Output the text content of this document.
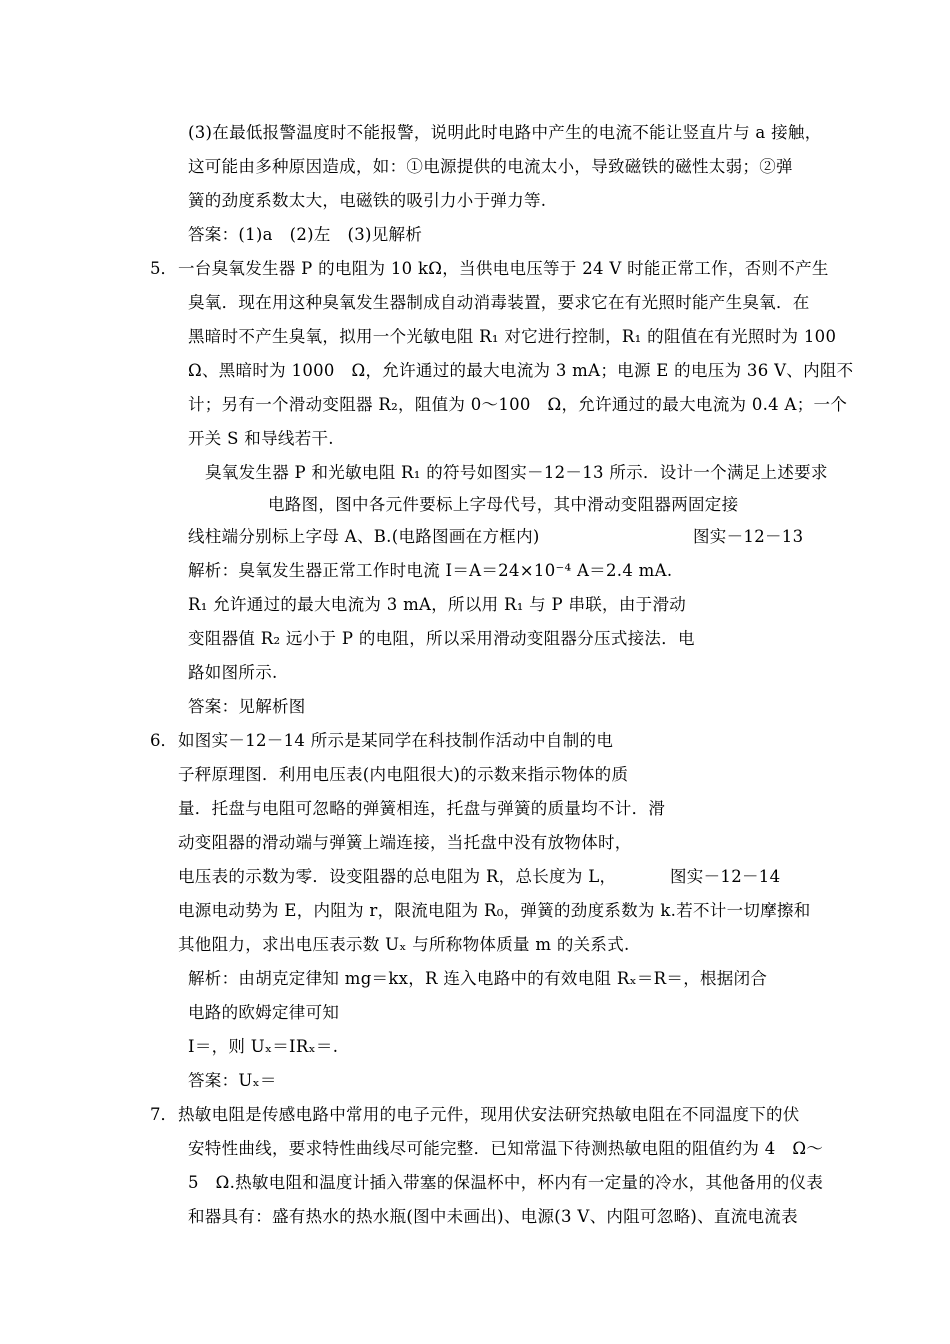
(3)在最低报警温度时不能报警，说明此时电路中产生的电流不能让竖直片与 a 接触，
这可能由多种原因造成，如：①电源提供的电流太小，导致磁铁的磁性太弱；②弹
簧的劲度系数太大，电磁铁的吸引力小于弹力等.
答案：(1)a　(2)左　(3)见解析
5． 一台臭氧发生器 P 的电阻为 10 kΩ，当供电电压等于 24 V 时能正常工作，否则不产生
臭氧．现在用这种臭氧发生器制成自动消毒装置，要求它在有光照时能产生臭氧．在
黑暗时不产生臭氧，拟用一个光敏电阻 R₁ 对它进行控制，R₁ 的阻值在有光照时为 100
Ω、黑暗时为 1000　Ω，允许通过的最大电流为 3 mA；电源 E 的电压为 36 V、内阻不
计；另有一个滑动变阻器 R₂，阻值为 0～100　Ω，允许通过的最大电流为 0.4 A；一个
开关 S 和导线若干.
臭氧发生器 P 和光敏电阻 R₁ 的符号如图实－12－13 所示．设计一个满足上述要求
电路图，图中各元件要标上字母代号，其中滑动变阻器两固定接
线柱端分别标上字母 A、B.(电路图画在方框内)	图实－12－13
解析：臭氧发生器正常工作时电流 I＝A＝24×10⁻⁴ A＝2.4 mA.
R₁ 允许通过的最大电流为 3 mA，所以用 R₁ 与 P 串联，由于滑动
变阻器值 R₂ 远小于 P 的电阻，所以采用滑动变阻器分压式接法．电
路如图所示.
答案：见解析图
6． 如图实－12－14 所示是某同学在科技制作活动中自制的电
子秤原理图．利用电压表(内电阻很大)的示数来指示物体的质
量．托盘与电阻可忽略的弹簧相连，托盘与弹簧的质量均不计．滑
动变阻器的滑动端与弹簧上端连接，当托盘中没有放物体时，
电压表的示数为零．设变阻器的总电阻为 R，总长度为 L，	图实－12－14
电源电动势为 E，内阻为 r，限流电阻为 R₀，弹簧的劲度系数为 k.若不计一切摩擦和
其他阻力，求出电压表示数 Uₓ 与所称物体质量 m 的关系式.
解析：由胡克定律知 mg＝kx，R 连入电路中的有效电阻 Rₓ＝R＝，根据闭合
电路的欧姆定律可知
I＝，则 Uₓ＝IRₓ＝.
答案：Uₓ＝
7． 热敏电阻是传感电路中常用的电子元件，现用伏安法研究热敏电阻在不同温度下的伏
安特性曲线，要求特性曲线尽可能完整．已知常温下待测热敏电阻的阻值约为 4　Ω～
5　Ω.热敏电阻和温度计插入带塞的保温杯中，杯内有一定量的冷水，其他备用的仪表
和器具有：盛有热水的热水瓶(图中未画出)、电源(3 V、内阻可忽略)、直流电流表
